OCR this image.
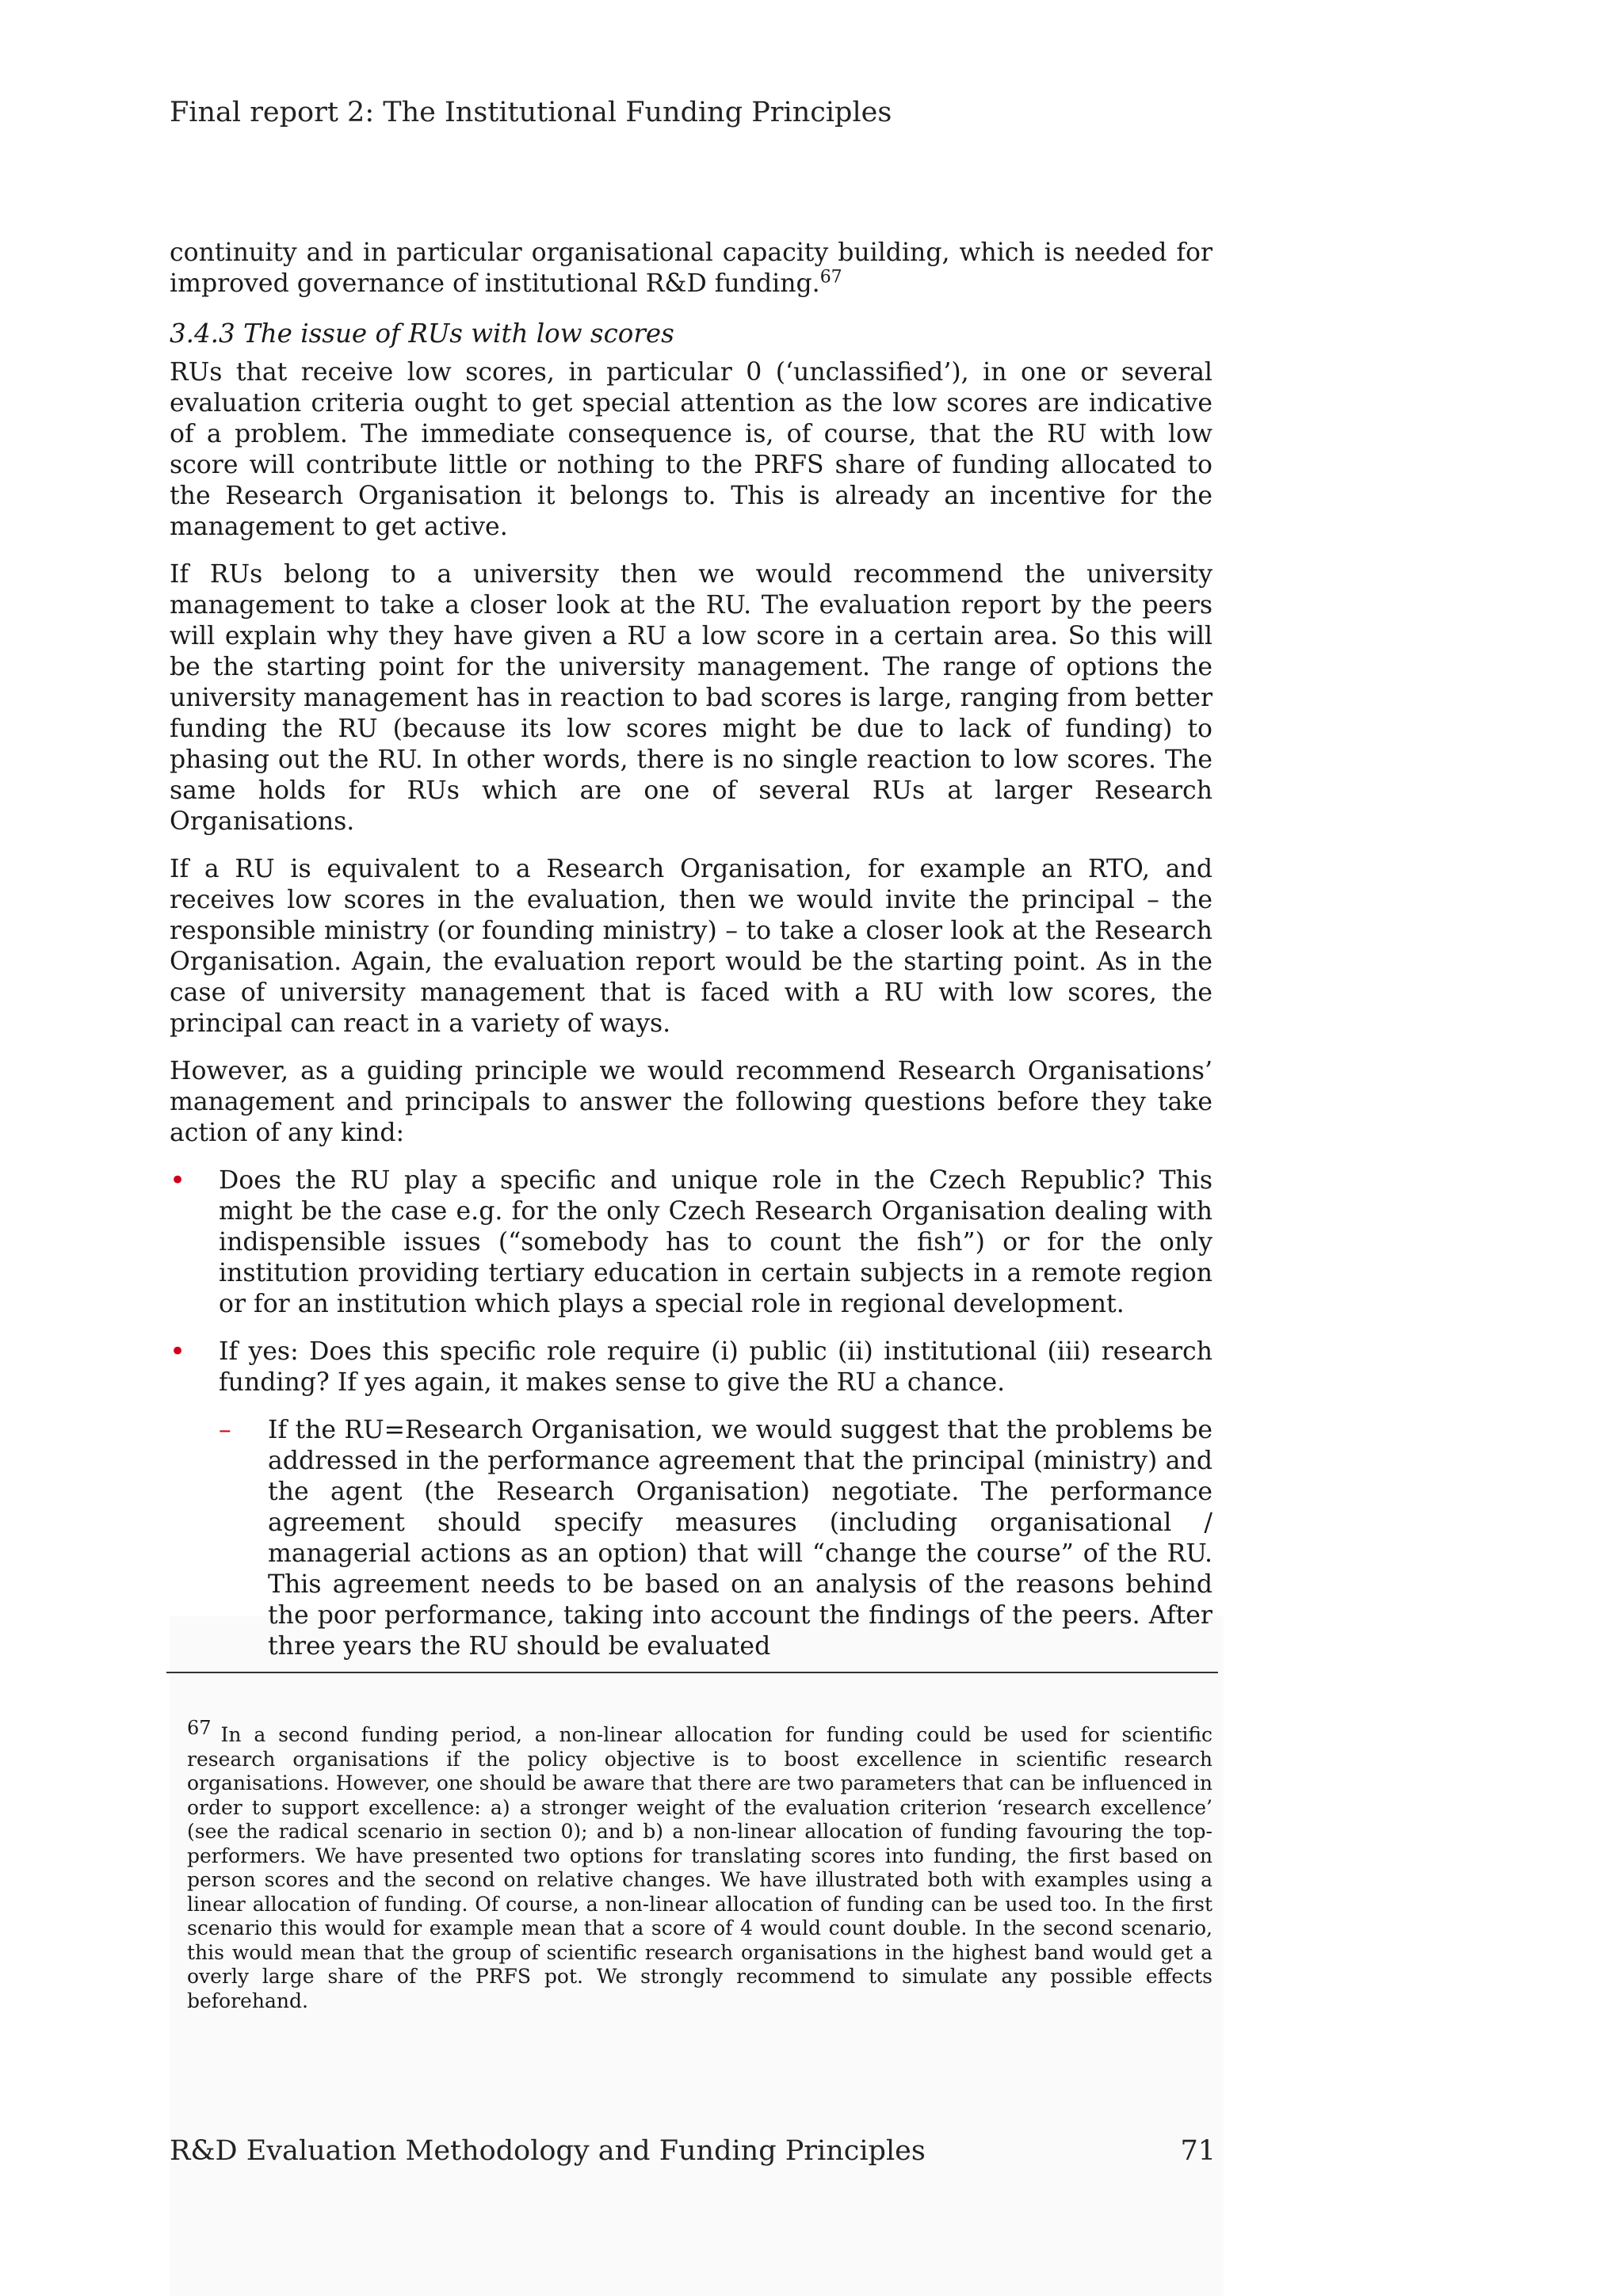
Final report 2: The Institutional Funding Principles

continuity and in particular organisational capacity building, which is needed for improved governance of institutional R&D funding.$^{67}$

3.4.3 The issue of RUs with low scores

RUs that receive low scores, in particular 0 (‘unclassified’), in one or several evaluation criteria ought to get special attention as the low scores are indicative of a problem. The immediate consequence is, of course, that the RU with low score will contribute little or nothing to the PRFS share of funding allocated to the Research Organisation it belongs to. This is already an incentive for the management to get active.

If RUs belong to a university then we would recommend the university management to take a closer look at the RU. The evaluation report by the peers will explain why they have given a RU a low score in a certain area. So this will be the starting point for the university management. The range of options the university management has in reaction to bad scores is large, ranging from better funding the RU (because its low scores might be due to lack of funding) to phasing out the RU. In other words, there is no single reaction to low scores. The same holds for RUs which are one of several RUs at larger Research Organisations.

If a RU is equivalent to a Research Organisation, for example an RTO, and receives low scores in the evaluation, then we would invite the principal – the responsible ministry (or founding ministry) – to take a closer look at the Research Organisation. Again, the evaluation report would be the starting point. As in the case of university management that is faced with a RU with low scores, the principal can react in a variety of ways.

However, as a guiding principle we would recommend Research Organisations’ management and principals to answer the following questions before they take action of any kind:

• Does the RU play a specific and unique role in the Czech Republic? This might be the case e.g. for the only Czech Research Organisation dealing with indispensible issues (“somebody has to count the fish”) or for the only institution providing tertiary education in certain subjects in a remote region or for an institution which plays a special role in regional development.
• If yes: Does this specific role require (i) public (ii) institutional (iii) research funding? If yes again, it makes sense to give the RU a chance.
– If the RU=Research Organisation, we would suggest that the problems be addressed in the performance agreement that the principal (ministry) and the agent (the Research Organisation) negotiate. The performance agreement should specify measures (including organisational / managerial actions as an option) that will “change the course” of the RU. This agreement needs to be based on an analysis of the reasons behind the poor performance, taking into account the findings of the peers. After three years the RU should be evaluated
67 In a second funding period, a non-linear allocation for funding could be used for scientific research organisations if the policy objective is to boost excellence in scientific research organisations. However, one should be aware that there are two parameters that can be influenced in order to support excellence: a) a stronger weight of the evaluation criterion ‘research excellence’ (see the radical scenario in section 0); and b) a non-linear allocation of funding favouring the top-performers. We have presented two options for translating scores into funding, the first based on person scores and the second on relative changes. We have illustrated both with examples using a linear allocation of funding. Of course, a non-linear allocation of funding can be used too. In the first scenario this would for example mean that a score of 4 would count double. In the second scenario, this would mean that the group of scientific research organisations in the highest band would get a overly large share of the PRFS pot. We strongly recommend to simulate any possible effects beforehand.
R&D Evaluation Methodology and Funding Principles	71
